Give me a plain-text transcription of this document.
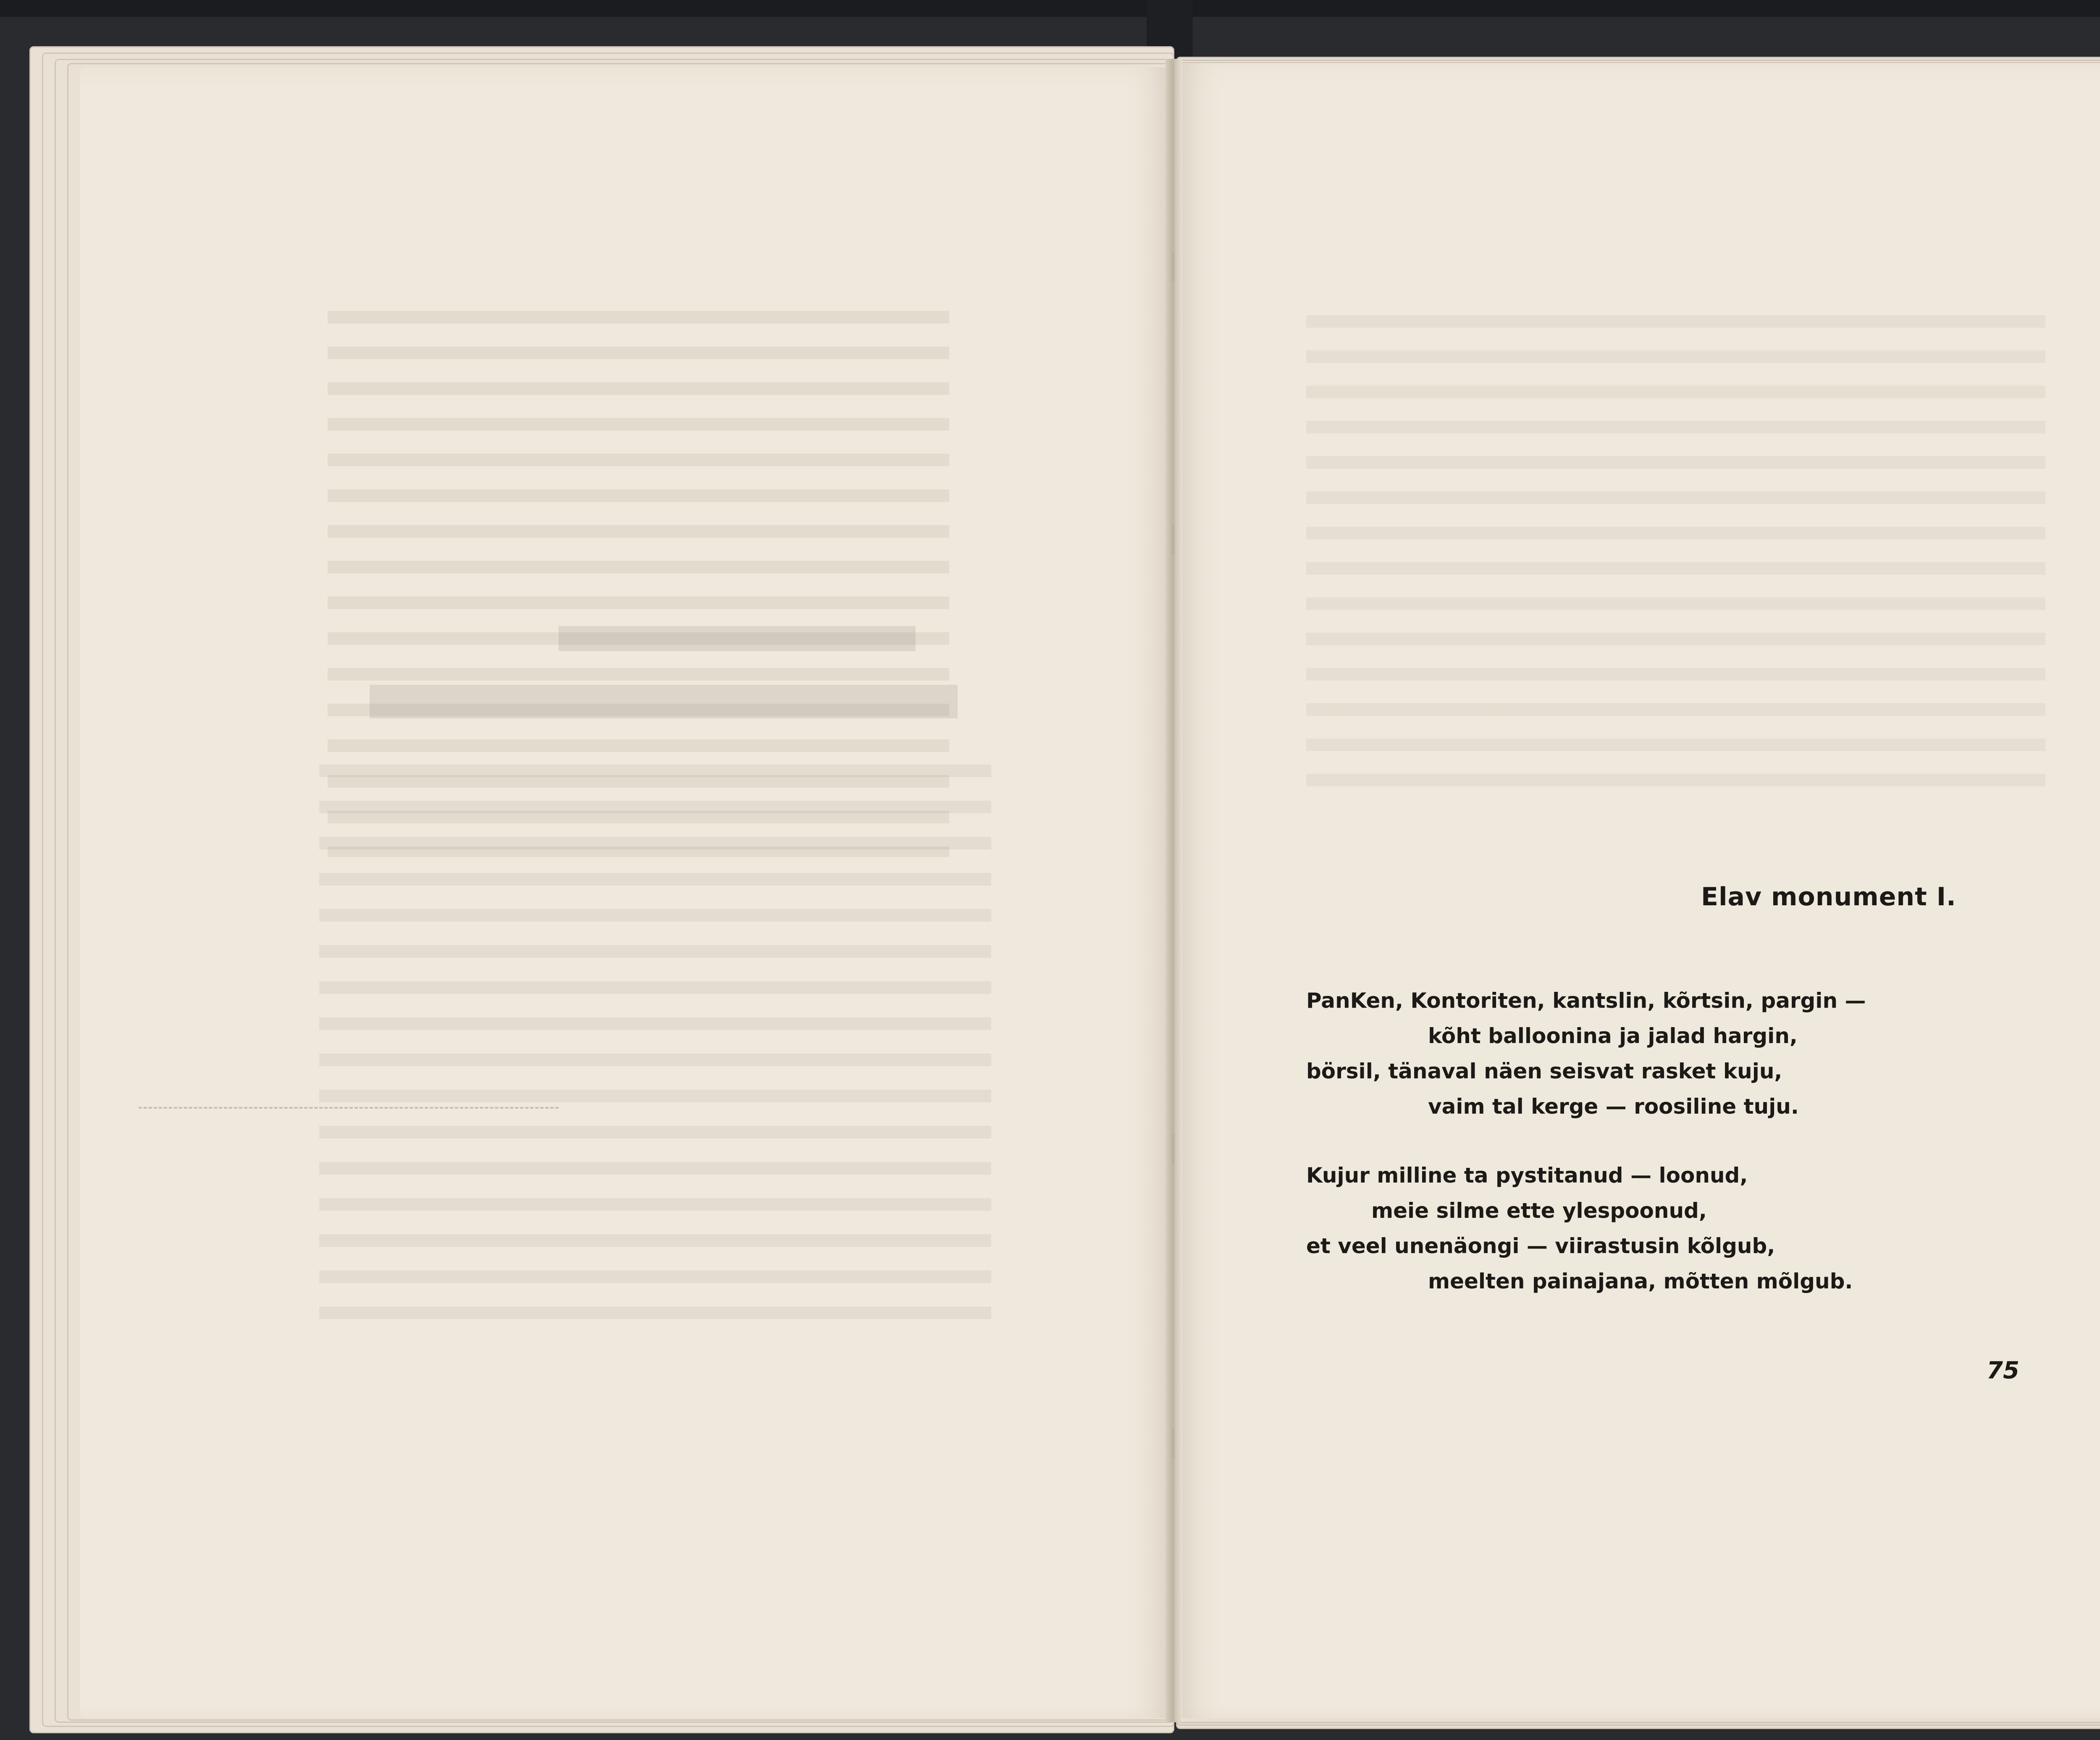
Elav monument I.
PanKen, Kontoriten, kantslin, kõrtsin, pargin —
kõht balloonina ja jalad hargin,
börsil, tänaval näen seisvat rasket kuju,
vaim tal kerge — roosiline tuju.
Kujur milline ta pystitanud — loonud,
meie silme ette ylespoonud,
et veel unenäongi — viirastusin kõlgub,
meelten painajana, mõtten mõlgub.
75
